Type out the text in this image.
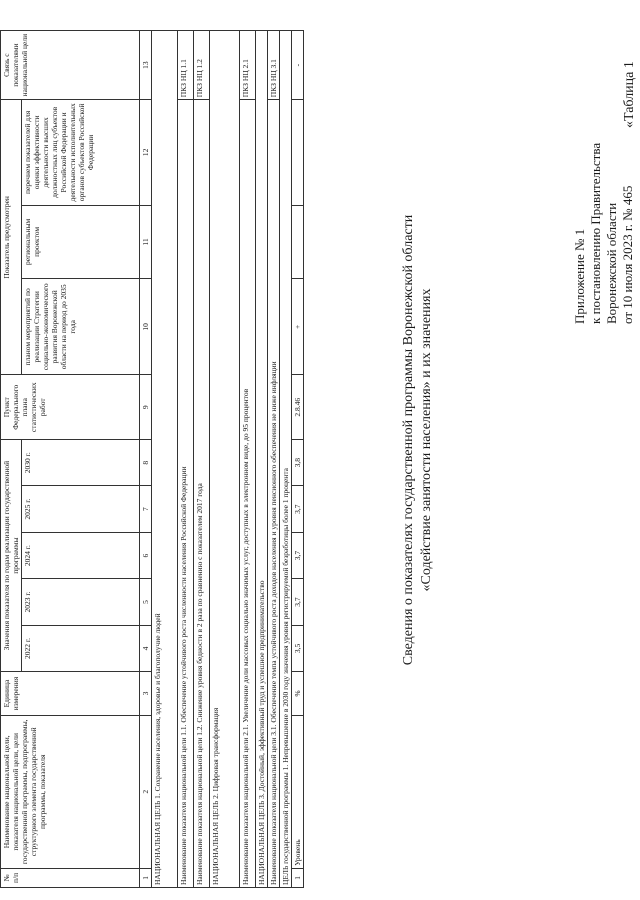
Приложение № 1 к постановлению Правительства Воронежской области от 10 июля 2023 г. № 465
«Таблица 1
Сведения о показателях государственной программы Воронежской области «Содействие занятости населения» и их значениях
№ п/п	Наименование национальной цели, показателя национальной цели, цели государственной программы, подпрограммы, структурного элемента государственной программы, показателя	Единица измерения	Значения показателя по годам реализации государственной программы					Пункт Федерального плана статистических работ	Показатель предусмотрен			Связь с показателями национальной цели
			2022 г.	2023 г.	2024 г.	2025 г.	2030 г.		планом мероприятий по реализации Стратегии социально-экономического развития Воронежской области на период до 2035 года	региональным проектом	перечнем показателей для оценки эффективности деятельности высших должностных лиц субъектов Российской Федерации и деятельности исполнительных органов субъектов Российской Федерации	
1	2	3	4	5	6	7	8	9	10	11	12	13
НАЦИОНАЛЬНАЯ ЦЕЛЬ 1. Сохранение населения, здоровье и благополучие людей												
Наименование показателя национальной цели 1.1. Обеспечение устойчивого роста численности населения Российской Федерации												ПКЗ НЦ 1.1
Наименование показателя национальной цели 1.2. Снижение уровня бедности в 2 раза по сравнению с показателем 2017 года												ПКЗ НЦ 1.2
НАЦИОНАЛЬНАЯ ЦЕЛЬ 2. Цифровая трансформация												
Наименование показателя национальной цели 2.1. Увеличение доли массовых социально значимых услуг, доступных в электронном виде, до 95 процентов												ПКЗ НЦ 2.1
НАЦИОНАЛЬНАЯ ЦЕЛЬ 3. Достойный, эффективный труд и успешное предпринимательство												
Наименование показателя национальной цели 3.1. Обеспечение темпа устойчивого роста доходов населения и уровня пенсионного обеспечения не ниже инфляции												ПКЗ НЦ 3.1
ЦЕЛЬ государственной программы 1. Непревышение в 2030 году значения уровня регистрируемой безработицы более 1 процента												
1	Уровень	%	3,5	3,7	3,7	3,7	3,8	2.8.46	+			-
